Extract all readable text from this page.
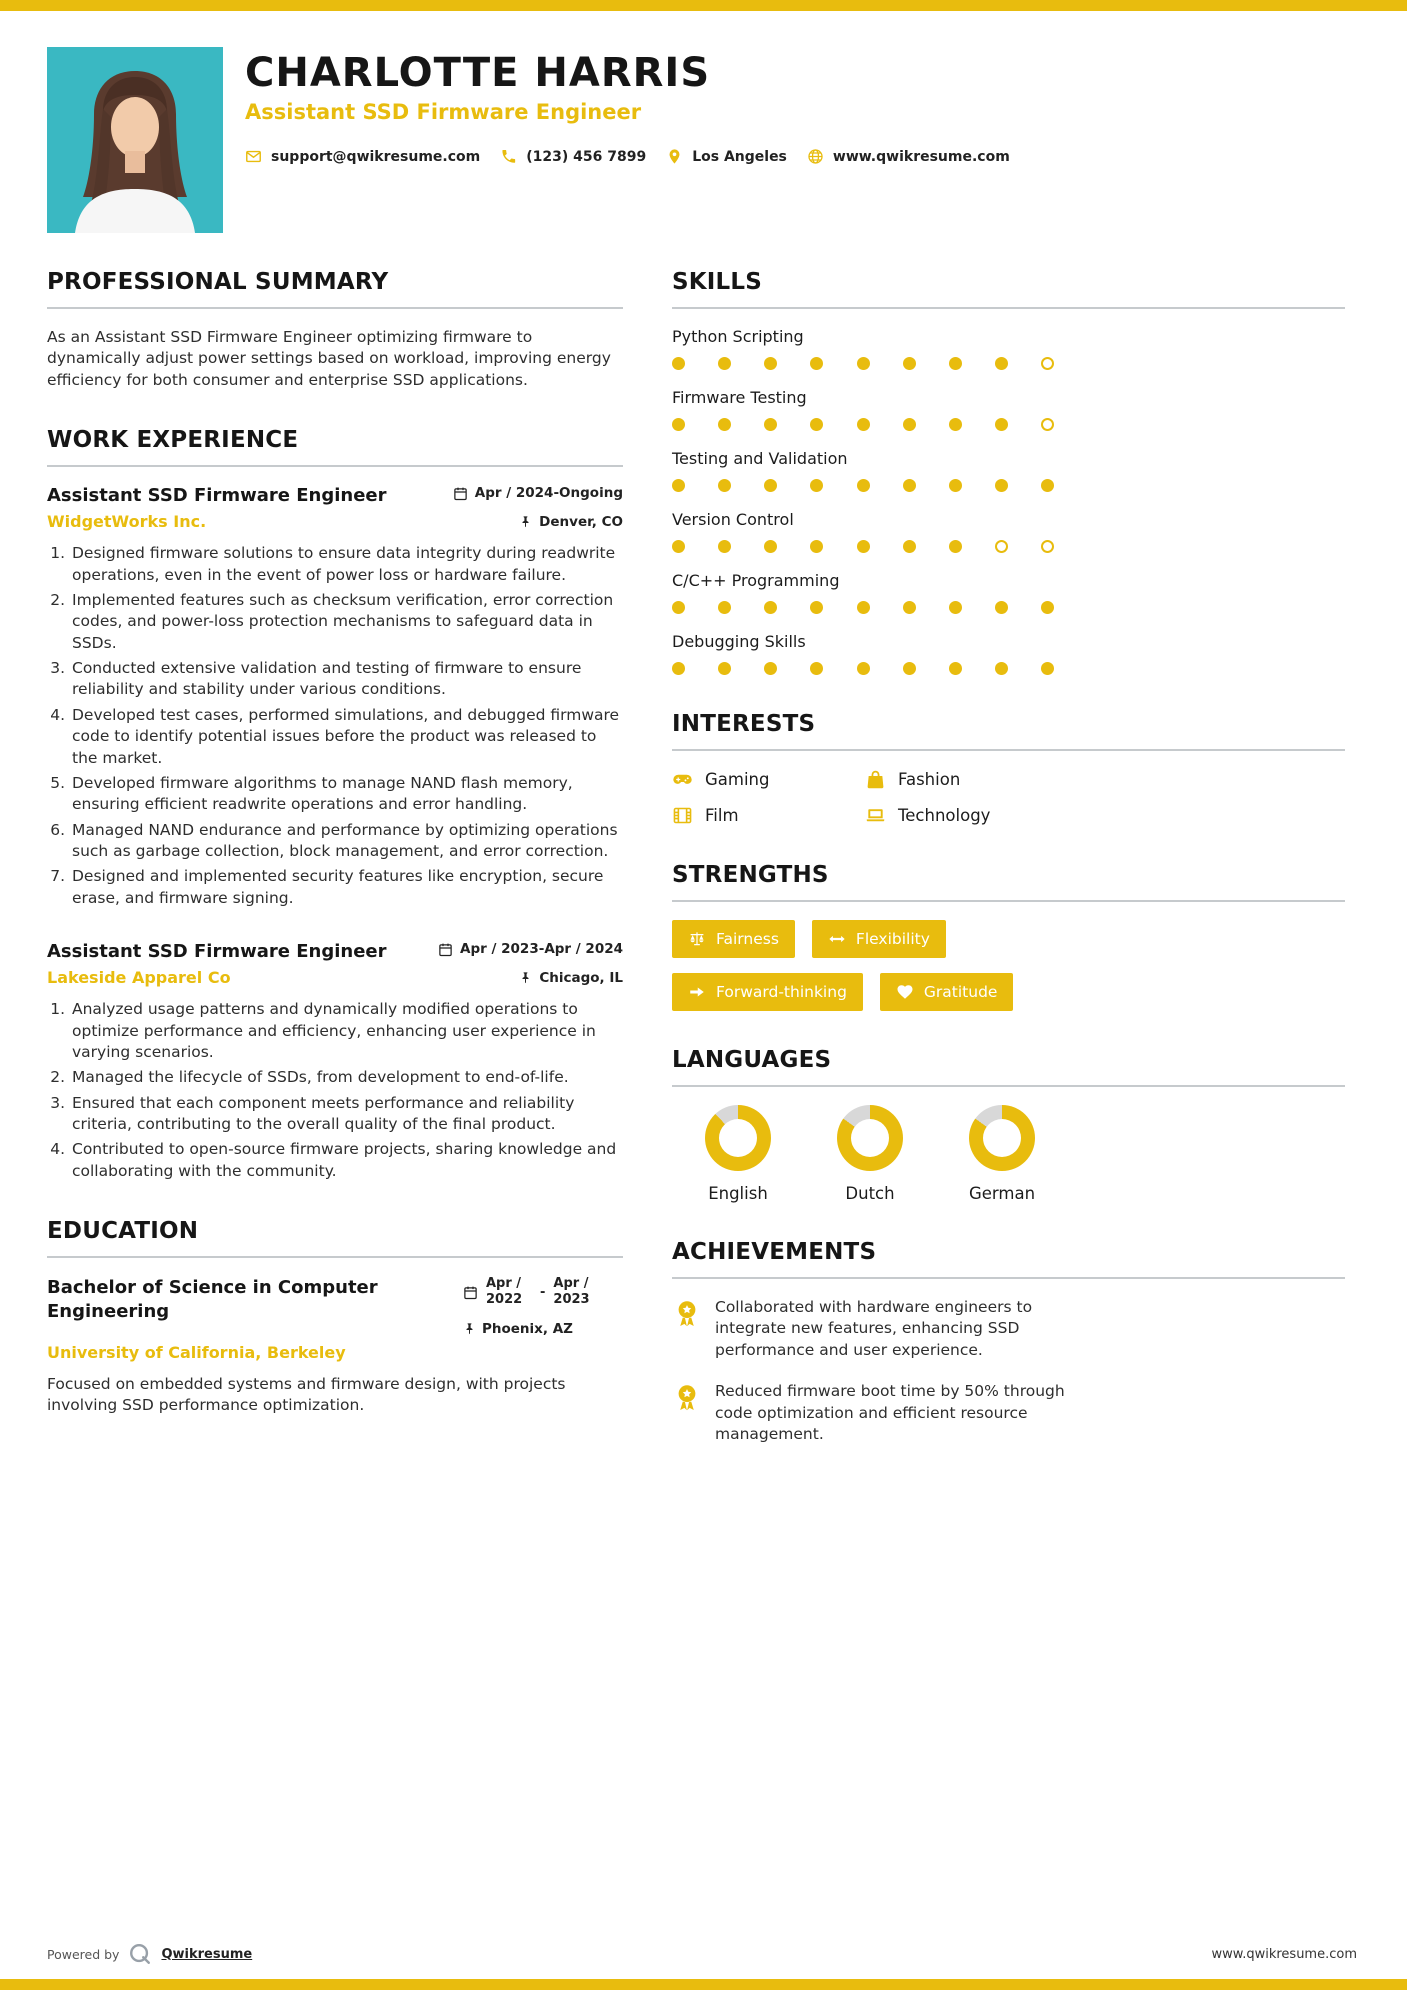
CHARLOTTE HARRIS
Assistant SSD Firmware Engineer
support@qwikresume.com	(123) 456 7899	Los Angeles	www.qwikresume.com
PROFESSIONAL SUMMARY

As an Assistant SSD Firmware Engineer optimizing firmware to dynamically adjust power settings based on workload, improving energy efficiency for both consumer and enterprise SSD applications.

WORK EXPERIENCE
Assistant SSD Firmware Engineer	Apr / 2024-Ongoing
WidgetWorks Inc.	Denver, CO
1. Designed firmware solutions to ensure data integrity during readwrite operations, even in the event of power loss or hardware failure.
2. Implemented features such as checksum verification, error correction codes, and power-loss protection mechanisms to safeguard data in SSDs.
3. Conducted extensive validation and testing of firmware to ensure reliability and stability under various conditions.
4. Developed test cases, performed simulations, and debugged firmware code to identify potential issues before the product was released to the market.
5. Developed firmware algorithms to manage NAND flash memory, ensuring efficient readwrite operations and error handling.
6. Managed NAND endurance and performance by optimizing operations such as garbage collection, block management, and error correction.
7. Designed and implemented security features like encryption, secure erase, and firmware signing.
Assistant SSD Firmware Engineer	Apr / 2023-Apr / 2024
Lakeside Apparel Co	Chicago, IL
1. Analyzed usage patterns and dynamically modified operations to optimize performance and efficiency, enhancing user experience in varying scenarios.
2. Managed the lifecycle of SSDs, from development to end-of-life.
3. Ensured that each component meets performance and reliability criteria, contributing to the overall quality of the final product.
4. Contributed to open-source firmware projects, sharing knowledge and collaborating with the community.
EDUCATION
Bachelor of Science in Computer Engineering
Apr / 2022	-
Apr / 2023
Phoenix, AZ
University of California, Berkeley

Focused on embedded systems and firmware design, with projects involving SSD performance optimization.

SKILLS
Python Scripting
Firmware Testing
Testing and Validation
Version Control
C/C++ Programming
Debugging Skills
INTERESTS
Gaming	Fashion
Film	Technology
STRENGTHS
Fairness	Flexibility
Forward-thinking	Gratitude
LANGUAGES
English	Dutch	German
ACHIEVEMENTS

Collaborated with hardware engineers to integrate new features, enhancing SSD performance and user experience.

Reduced firmware boot time by 50% through code optimization and efficient resource management.

Powered by	Qwikresume	www.qwikresume.com
